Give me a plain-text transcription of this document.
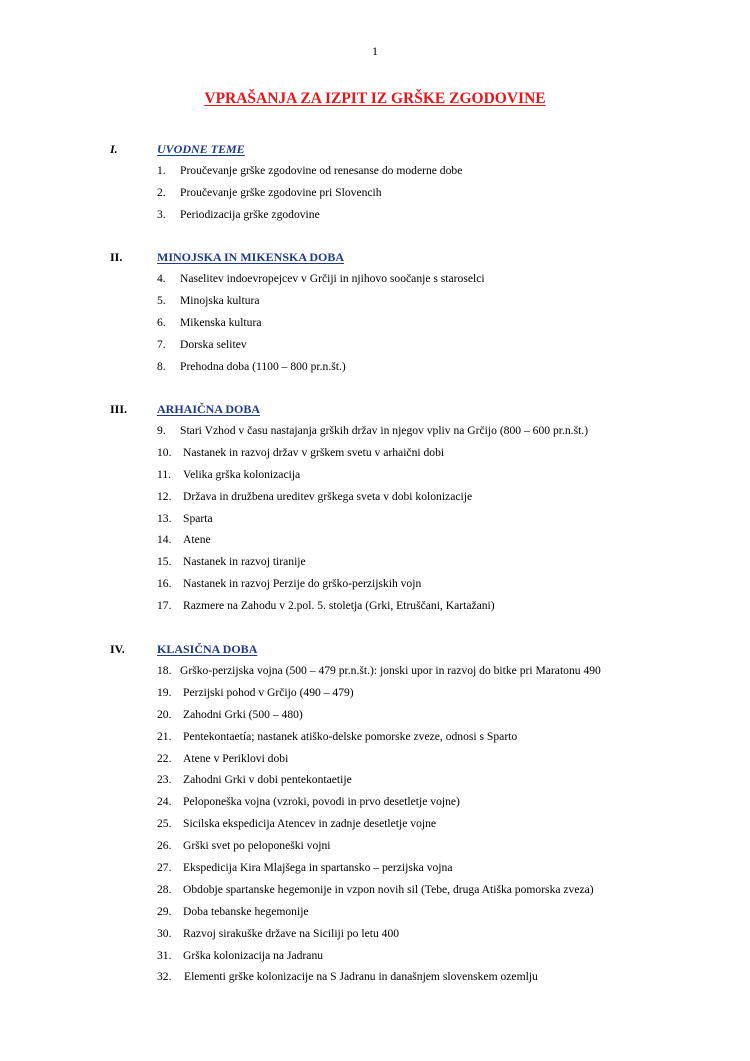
1
VPRAŠANJA ZA IZPIT IZ GRŠKE ZGODOVINE
I.	UVODNE TEME
1. Proučevanje grške zgodovine od renesanse do moderne dobe
2. Proučevanje grške zgodovine pri Slovencih
3. Periodizacija grške zgodovine
II.	MINOJSKA IN MIKENSKA DOBA
4. Naselitev indoevropejcev v Grčiji in njihovo soočanje s staroselci
5. Minojska kultura
6. Mikenska kultura
7. Dorska selitev
8. Prehodna doba (1100 – 800 pr.n.št.)
III. ARHAIČNA DOBA
9. Stari Vzhod v času nastajanja grških držav in njegov vpliv na Grčijo (800 – 600 pr.n.št.)
10. Nastanek in razvoj držav v grškem svetu v arhaični dobi
11. Velika grška kolonizacija
12. Država in družbena ureditev grškega sveta v dobi kolonizacije
13. Sparta
14. Atene
15. Nastanek in razvoj tiranije
16. Nastanek in razvoj Perzije do grško-perzijskih vojn
17. Razmere na Zahodu v 2.pol. 5. stoletja (Grki, Etruščani, Kartažani)
IV.	KLASIČNA DOBA
18. Grško-perzijska vojna (500 – 479 pr.n.št.): jonski upor in razvoj do bitke pri Maratonu 490
19. Perzijski pohod v Grčijo (490 – 479)
20. Zahodni Grki (500 – 480)
21. Pentekontaetía; nastanek atiško-delske pomorske zveze, odnosi s Sparto
22. Atene v Periklovi dobi
23. Zahodni Grki v dobi pentekontaetije
24. Peloponeška vojna (vzroki, povodi in prvo desetletje vojne)
25. Sicilska ekspedicija Atencev in zadnje desetletje vojne
26. Grški svet po peloponeški vojni
27. Ekspedicija Kira Mlajšega in spartansko – perzijska vojna
28. Obdobje spartanske hegemonije in vzpon novih sil (Tebe, druga Atiška pomorska zveza)
29. Doba tebanske hegemonije
30. Razvoj sirakuške države na Siciliji po letu 400
31. Grška kolonizacija na Jadranu
32. Elementi grške kolonizacije na S Jadranu in današnjem slovenskem ozemlju
